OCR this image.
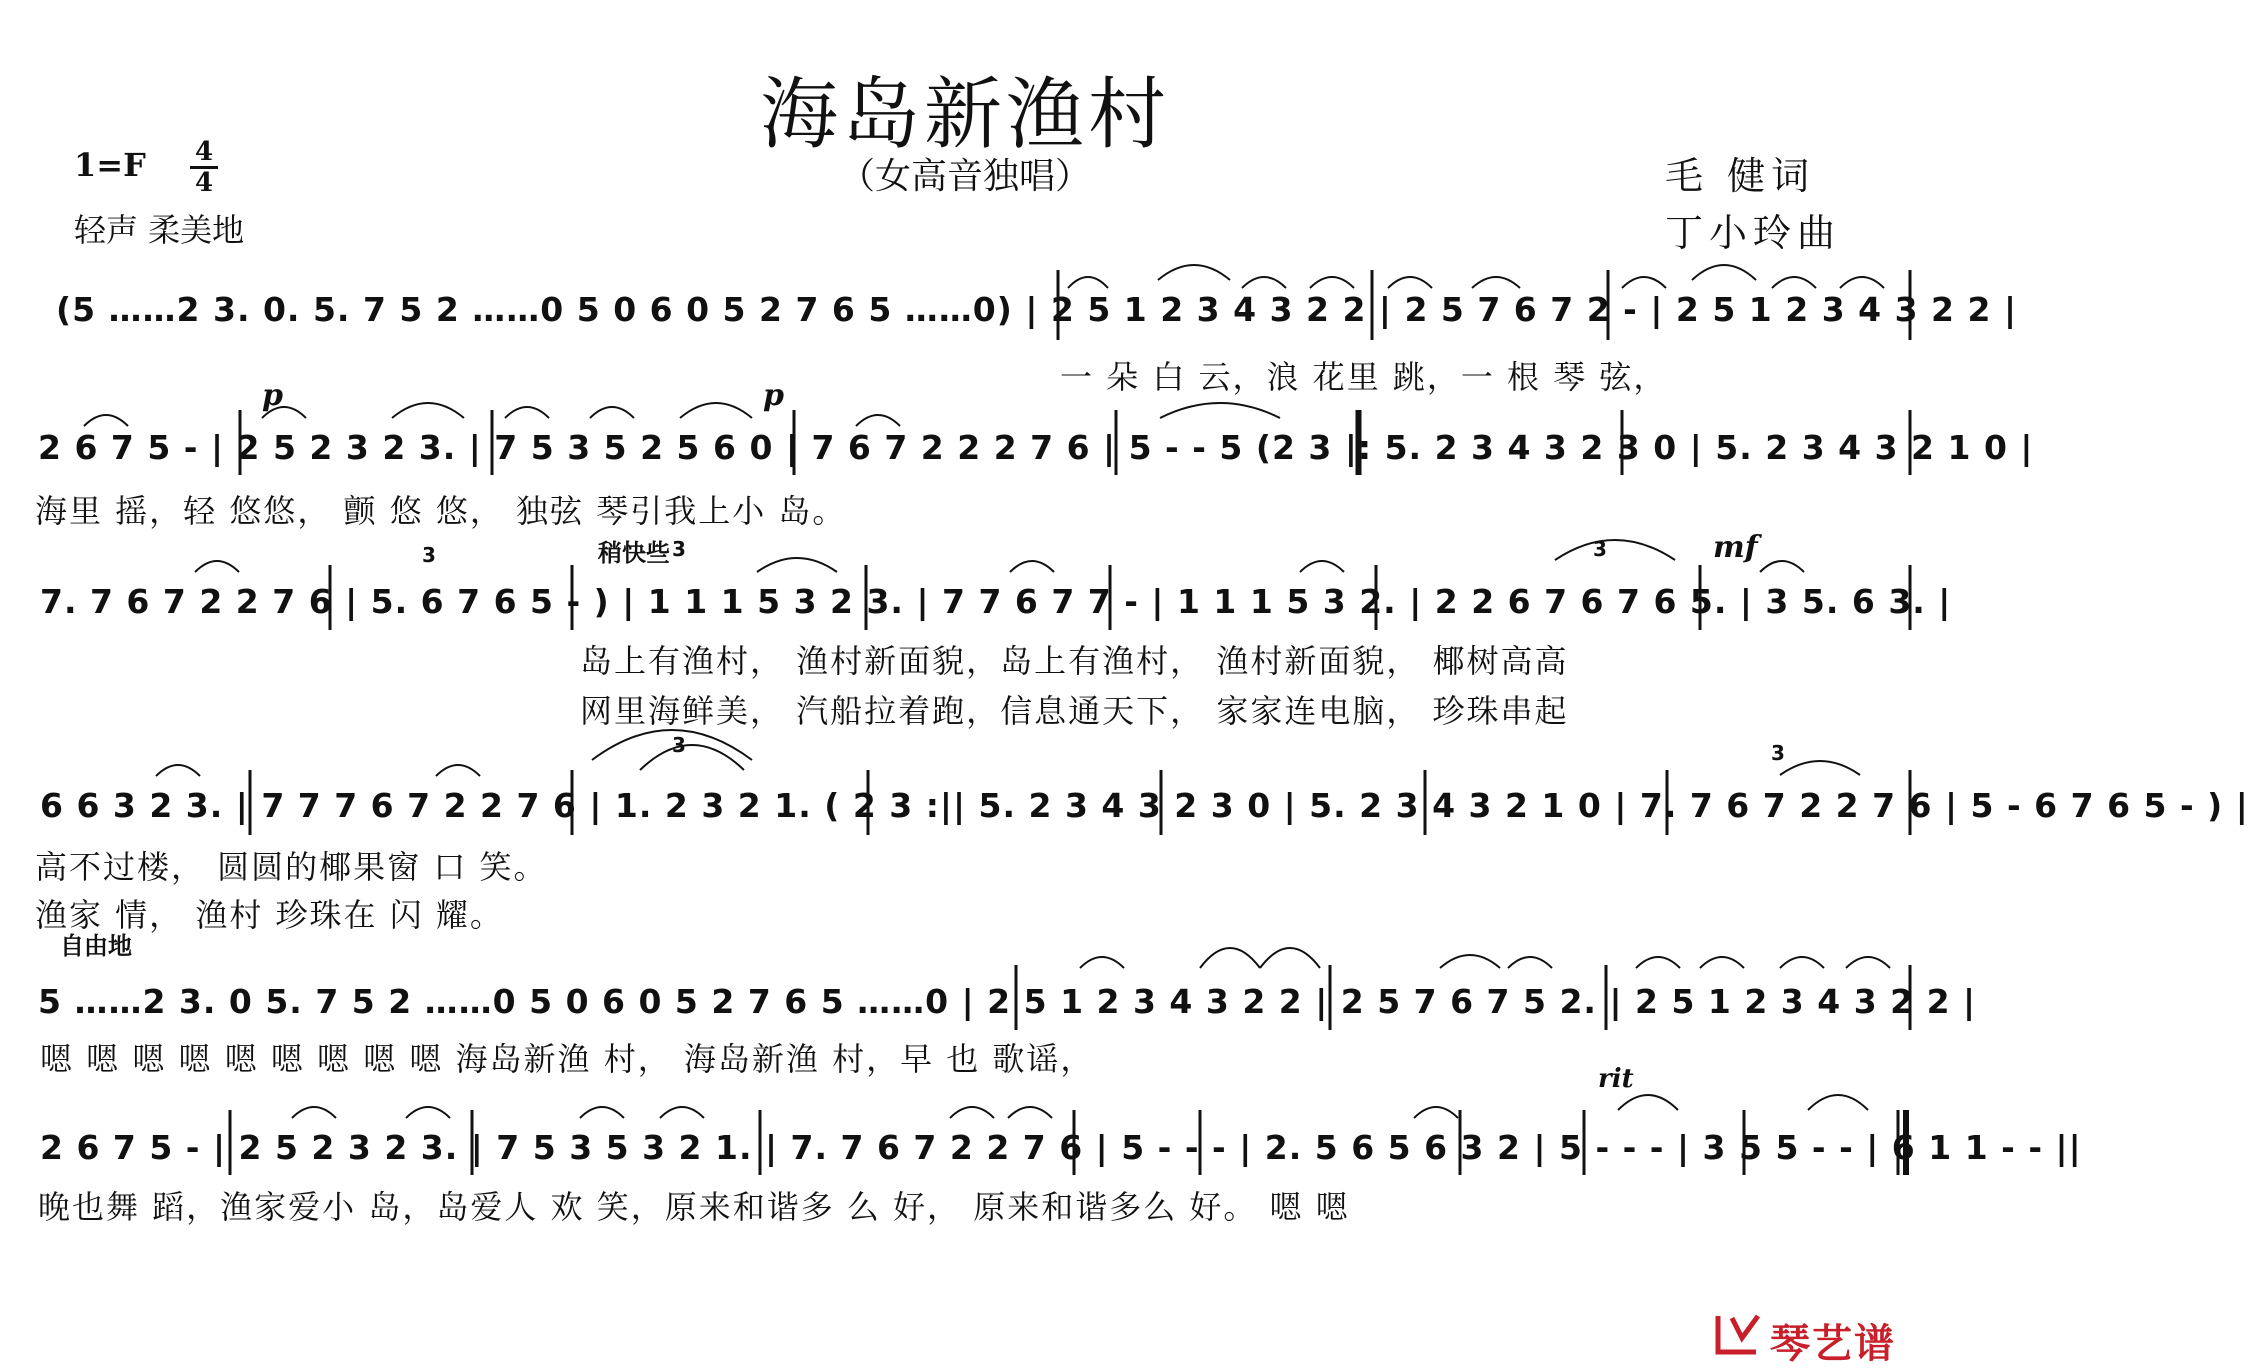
海岛新渔村
（女高音独唱）
1=F 4
4
轻声 柔美地
毛 健词
丁小玲曲
p	p
mf
稍快些
自由地
rit
(5 ……2 3. 0. 5. 7 5 2 ……0 5 0 6 0 5 2 7 6 5 ……0) | 2 5 1 2 3 4 3 2 2 | 2 5 7 6 7 2 - | 2 5 1 2 3 4 3 2 2 |
一 朵 白 云，浪 花里 跳，一 根 琴 弦，
2 6 7 5 - | 2 5 2 3 2 3. | 7 5 3 5 2 5 6 0 | 7 6 7 2 2 2 7 6 | 5 - - 5 (2 3 |: 5. 2 3 4 3 2 3 0 | 5. 2 3 4 3 2 1 0 |
海里 摇，轻 悠悠， 颤 悠 悠， 独弦 琴引我上小 岛。
7. 7 6 7 2 2 7 6 | 5. 6 7 6 5 - ) | 1 1 1 5 3 2 3. | 7 7 6 7 7 - | 1 1 1 5 3 2. | 2 2 6 7 6 7 6 5. | 3 5. 6 3. |
岛上有渔村， 渔村新面貌，岛上有渔村， 渔村新面貌， 椰树高高
网里海鲜美， 汽船拉着跑，信息通天下， 家家连电脑， 珍珠串起
6 6 3 2 3. | 7 7 7 6 7 2 2 7 6 | 1. 2 3 2 1. ( 2 3 :|| 5. 2 3 4 3 2 3 0 | 5. 2 3 4 3 2 1 0 | 7. 7 6 7 2 2 7 6 | 5 - 6 7 6 5 - ) |
高不过楼， 圆圆的椰果窗 口 笑。
渔家 情， 渔村 珍珠在 闪 耀。
5 ……2 3. 0 5. 7 5 2 ……0 5 0 6 0 5 2 7 6 5 ……0 | 2 5 1 2 3 4 3 2 2 | 2 5 7 6 7 5 2. | 2 5 1 2 3 4 3 2 2 |
嗯 嗯 嗯 嗯 嗯 嗯 嗯 嗯 嗯 海岛新渔 村， 海岛新渔 村，早 也 歌谣，
2 6 7 5 - | 2 5 2 3 2 3. | 7 5 3 5 3 2 1. | 7. 7 6 7 2 2 7 6 | 5 - - - | 2. 5 6 5 6 3 2 | 5 - - - | 3 5 5 - - | 6 1 1 - - ||
晚也舞 蹈，渔家爱小 岛，岛爱人 欢 笑，原来和谐多 么 好， 原来和谐多么 好。 嗯 嗯
3	3
3
3
3
琴艺谱
